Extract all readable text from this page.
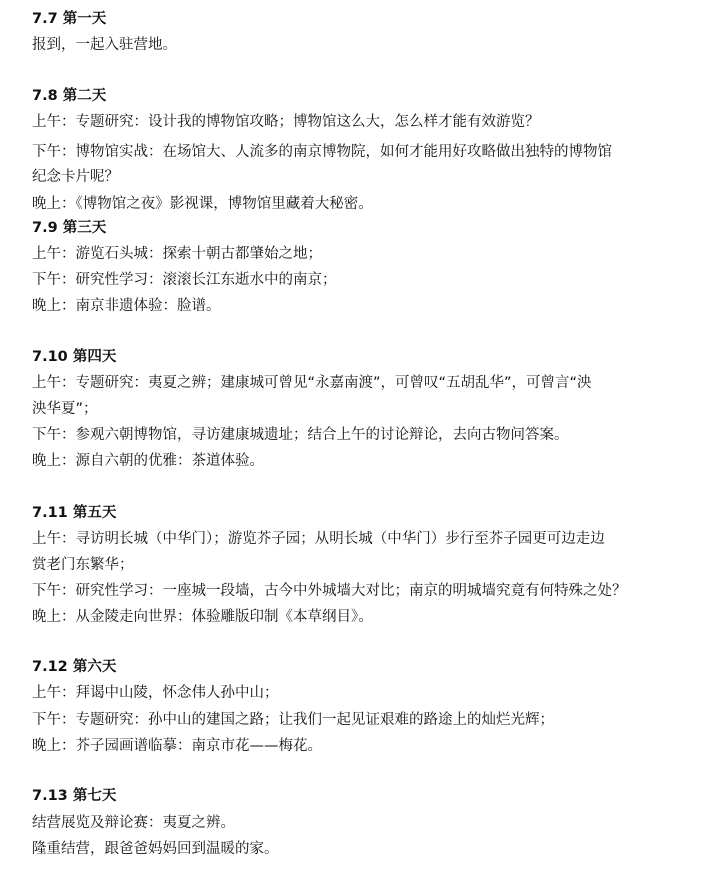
7.7 第一天
报到，一起入驻营地。
7.8 第二天
上午：专题研究：设计我的博物馆攻略；博物馆这么大，怎么样才能有效游览？
下午：博物馆实战：在场馆大、人流多的南京博物院，如何才能用好攻略做出独特的博物馆
纪念卡片呢？
晚上：《博物馆之夜》影视课，博物馆里藏着大秘密。
7.9 第三天
上午：游览石头城：探索十朝古都肇始之地；
下午：研究性学习：滚滚长江东逝水中的南京；
晚上：南京非遗体验：脸谱。
7.10 第四天
上午：专题研究：夷夏之辨；建康城可曾见“永嘉南渡”，可曾叹“五胡乱华”，可曾言“泱
泱华夏”；
下午：参观六朝博物馆，寻访建康城遗址；结合上午的讨论辩论，去向古物问答案。
晚上：源自六朝的优雅：茶道体验。
7.11 第五天
上午：寻访明长城（中华门）；游览芥子园；从明长城（中华门）步行至芥子园更可边走边
赏老门东繁华；
下午：研究性学习：一座城一段墙，古今中外城墙大对比；南京的明城墙究竟有何特殊之处？
晚上：从金陵走向世界：体验雕版印制《本草纲目》。
7.12 第六天
上午：拜谒中山陵，怀念伟人孙中山；
下午：专题研究：孙中山的建国之路；让我们一起见证艰难的路途上的灿烂光辉；
晚上：芥子园画谱临摹：南京市花——梅花。
7.13 第七天
结营展览及辩论赛：夷夏之辨。
隆重结营，跟爸爸妈妈回到温暖的家。
